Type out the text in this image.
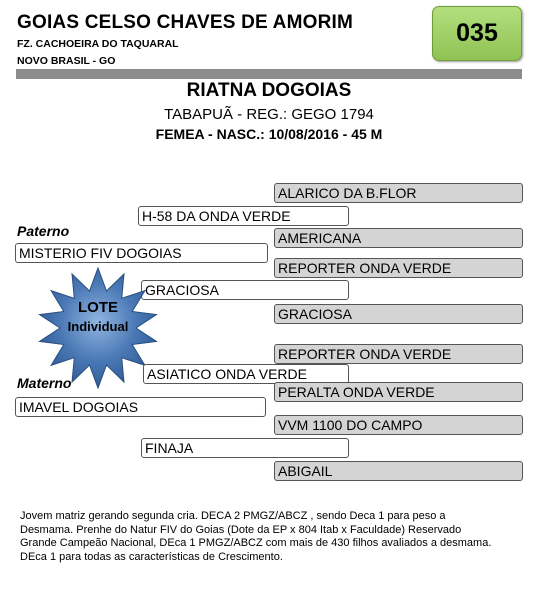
GOIAS CELSO CHAVES DE AMORIM
FZ. CACHOEIRA DO TAQUARAL
NOVO BRASIL - GO
035
RIATNA DOGOIAS
TABAPUÃ - REG.: GEGO 1794
FEMEA - NASC.: 10/08/2016 - 45 M
ALARICO DA B.FLOR
H-58 DA ONDA VERDE
Paterno	AMERICANA
MISTERIO FIV DOGOIAS
REPORTER ONDA VERDE
GRACIOSA
GRACIOSA
LOTE
Individual
REPORTER ONDA VERDE
ASIATICO ONDA VERDE
Materno
PERALTA ONDA VERDE
IMAVEL DOGOIAS
VVM 1100 DO CAMPO
FINAJA
ABIGAIL
Jovem matriz gerando segunda cria. DECA 2 PMGZ/ABCZ , sendo Deca 1 para peso a Desmama. Prenhe do Natur FIV do Goias (Dote da EP x 804 Itab x Faculdade) Reservado Grande Campeão Nacional, DEca 1 PMGZ/ABCZ com mais de 430 filhos avaliados a desmama. DEca 1 para todas as características de Crescimento.
